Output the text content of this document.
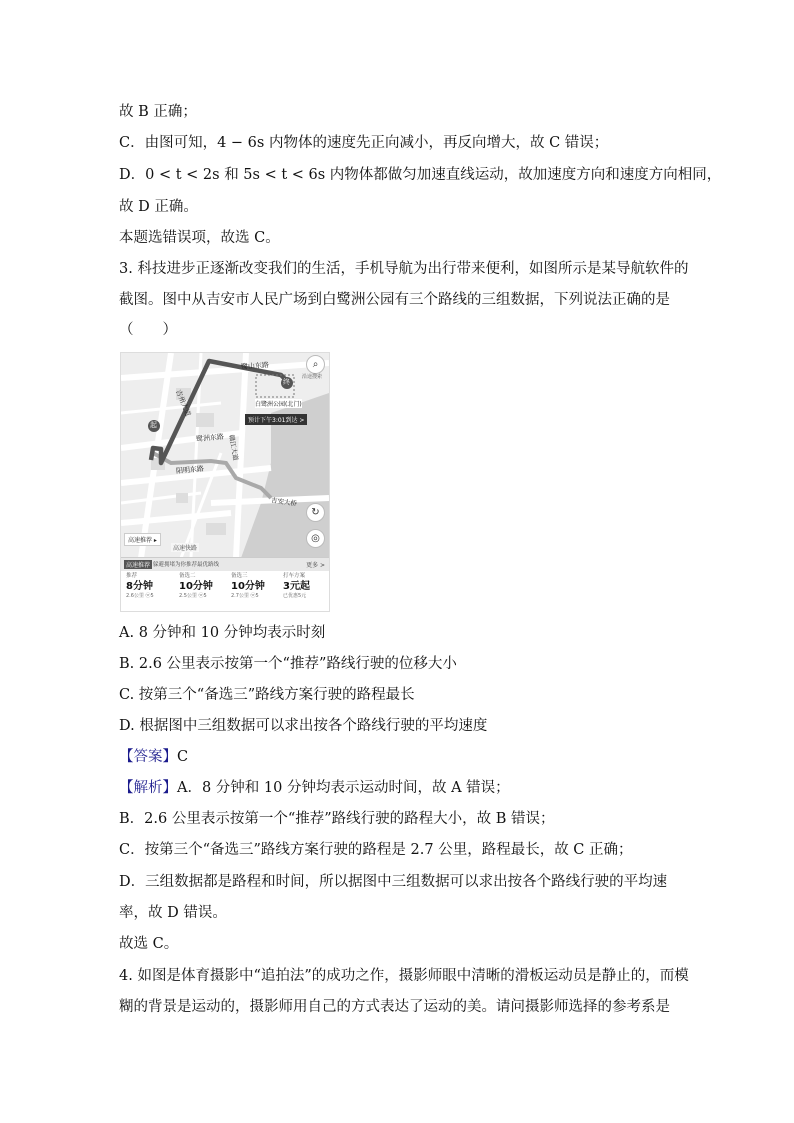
故 B 正确；
C．由图可知，4 − 6s 内物体的速度先正向减小，再反向增大，故 C 错误；
D．0 < t < 2s 和 5s < t < 6s 内物体都做匀加速直线运动，故加速度方向和速度方向相同，
故 D 正确。
本题选错误项，故选 C。
3. 科技进步正逐渐改变我们的生活，手机导航为出行带来便利，如图所示是某导航软件的
截图。图中从吉安市人民广场到白鹭洲公园有三个路线的三组数据，下列说法正确的是
（　　）
起
终
鹭山东路
吉州大道
鹭洲东路
阳明东路
赣江大道
吉安大桥
白鹭洲公园(北门)
预计下午3:01到达 >
⌕
沿途搜索
↻
◎
高速推荐 ▸
高速快路
高速推荐 躲避拥堵为你推荐最优路线	更多 >
推荐
8分钟
2.6公里 ⓦ5
备选二
10分钟
2.5公里 ⓦ5
备选三
10分钟
2.7公里 ⓦ5
打车方案
3元起
已优惠5元
A. 8 分钟和 10 分钟均表示时刻
B. 2.6 公里表示按第一个“推荐”路线行驶的位移大小
C. 按第三个“备选三”路线方案行驶的路程最长
D. 根据图中三组数据可以求出按各个路线行驶的平均速度
【答案】C
【解析】A．8 分钟和 10 分钟均表示运动时间，故 A 错误；
B．2.6 公里表示按第一个“推荐”路线行驶的路程大小，故 B 错误；
C．按第三个“备选三”路线方案行驶的路程是 2.7 公里，路程最长，故 C 正确；
D．三组数据都是路程和时间，所以据图中三组数据可以求出按各个路线行驶的平均速
率，故 D 错误。
故选 C。
4. 如图是体育摄影中“追拍法”的成功之作，摄影师眼中清晰的滑板运动员是静止的，而模
糊的背景是运动的，摄影师用自己的方式表达了运动的美。请问摄影师选择的参考系是
